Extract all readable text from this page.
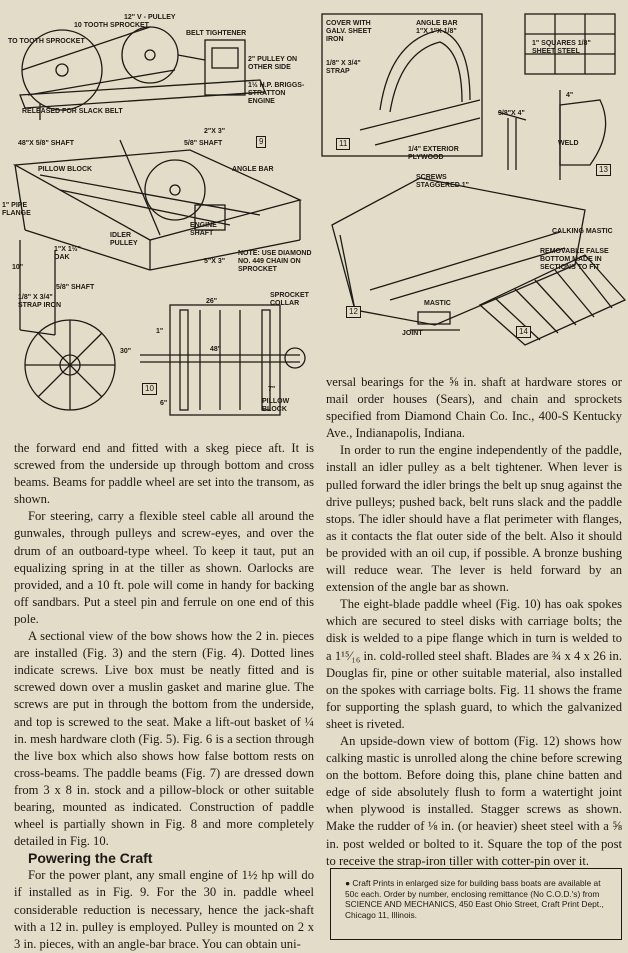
TO TOOTH SPROCKET
10 TOOTH SPROCKET
12" V - PULLEY
BELT TIGHTENER
2" PULLEY ON OTHER SIDE
1½ H.P. BRIGGS- STRATTON ENGINE
RELEASED FOR SLACK BELT
2"X 3"
48"X 5/8" SHAFT	5/8" SHAFT
PILLOW BLOCK	ANGLE BAR
1" PIPE FLANGE
IDLER PULLEY
ENGINE SHAFT
1"X 1½" OAK
10"
5/8" SHAFT
1/8" X 3/4" STRAP IRON
5"X 3"
NOTE: USE DIAMOND NO. 449 CHAIN ON SPROCKET
9
26"
SPROCKET COLLAR
1"
30"	48"
7"
PILLOW BLOCK
6"
10
COVER WITH GALV. SHEET IRON
ANGLE BAR 1"X 1"X 1/8"
1/8" X 3/4" STRAP
1/4" EXTERIOR PLYWOOD
11
SCREWS STAGGERED 1"
CALKING MASTIC
REMOVABLE FALSE BOTTOM MADE IN SECTIONS TO FIT
MASTIC
JOINT
12
1" SQUARES 1/8" SHEET STEEL
3/8"X 4"
4"
WELD
13
14

the forward end and fitted with a skeg piece aft. It is screwed from the underside up through bottom and cross beams. Beams for paddle wheel are set into the transom, as shown.

For steering, carry a flexible steel cable all around the gunwales, through pulleys and screw-eyes, and over the drum of an outboard-type wheel. To keep it taut, put an equalizing spring in at the tiller as shown. Oarlocks are provided, and a 10 ft. pole will come in handy for backing off sandbars. Put a steel pin and ferrule on one end of this pole.

A sectional view of the bow shows how the 2 in. pieces are installed (Fig. 3) and the stern (Fig. 4). Dotted lines indicate screws. Live box must be neatly fitted and is screwed down over a muslin gasket and marine glue. The screws are put in through the bottom from the underside, and top is screwed to the seat. Make a lift-out basket of ¼ in. mesh hardware cloth (Fig. 5). Fig. 6 is a section through the live box which also shows how false bottom rests on cross-beams. The paddle beams (Fig. 7) are dressed down from 3 x 8 in. stock and a pillow-block or other suitable bearing, mounted as indicated. Construction of paddle wheel is partially shown in Fig. 8 and more completely detailed in Fig. 10.

Powering the Craft

For the power plant, any small engine of 1½ hp will do if installed as in Fig. 9. For the 30 in. paddle wheel considerable reduction is necessary, hence the jack-shaft with a 12 in. pulley is employed. Pulley is mounted on 2 x 3 in. pieces, with an angle-bar brace. You can obtain uni-

versal bearings for the ⅝ in. shaft at hardware stores or mail order houses (Sears), and chain and sprockets specified from Diamond Chain Co. Inc., 400-S Kentucky Ave., Indianapolis, Indiana.

In order to run the engine independently of the paddle, install an idler pulley as a belt tightener. When lever is pulled forward the idler brings the belt up snug against the drive pulleys; pushed back, belt runs slack and the paddle stops. The idler should have a flat perimeter with flanges, as it contacts the flat outer side of the belt. Also it should be provided with an oil cup, if possible. A bronze bushing will reduce wear. The lever is held forward by an extension of the angle bar as shown.

The eight-blade paddle wheel (Fig. 10) has oak spokes which are secured to steel disks with carriage bolts; the disk is welded to a pipe flange which in turn is welded to a 1¹⁵⁄₁₆ in. cold-rolled steel shaft. Blades are ¾ x 4 x 26 in. Douglas fir, pine or other suitable material, also installed on the spokes with carriage bolts. Fig. 11 shows the frame for supporting the splash guard, to which the galvanized sheet is riveted.

An upside-down view of bottom (Fig. 12) shows how calking mastic is unrolled along the chine before screwing on the bottom. Before doing this, plane chine batten and edge of side absolutely flush to form a watertight joint when plywood is installed. Stagger screws as shown. Make the rudder of ⅛ in. (or heavier) sheet steel with a ⅝ in. post welded or bolted to it. Square the top of the post to receive the strap-iron tiller with cotter-pin over it.

● Craft Prints in enlarged size for building bass boats are available at 50c each. Order by number, enclosing remittance (No C.O.D.'s) from SCIENCE AND MECHANICS, 450 East Ohio Street, Craft Print Dept., Chicago 11, Illinois.
